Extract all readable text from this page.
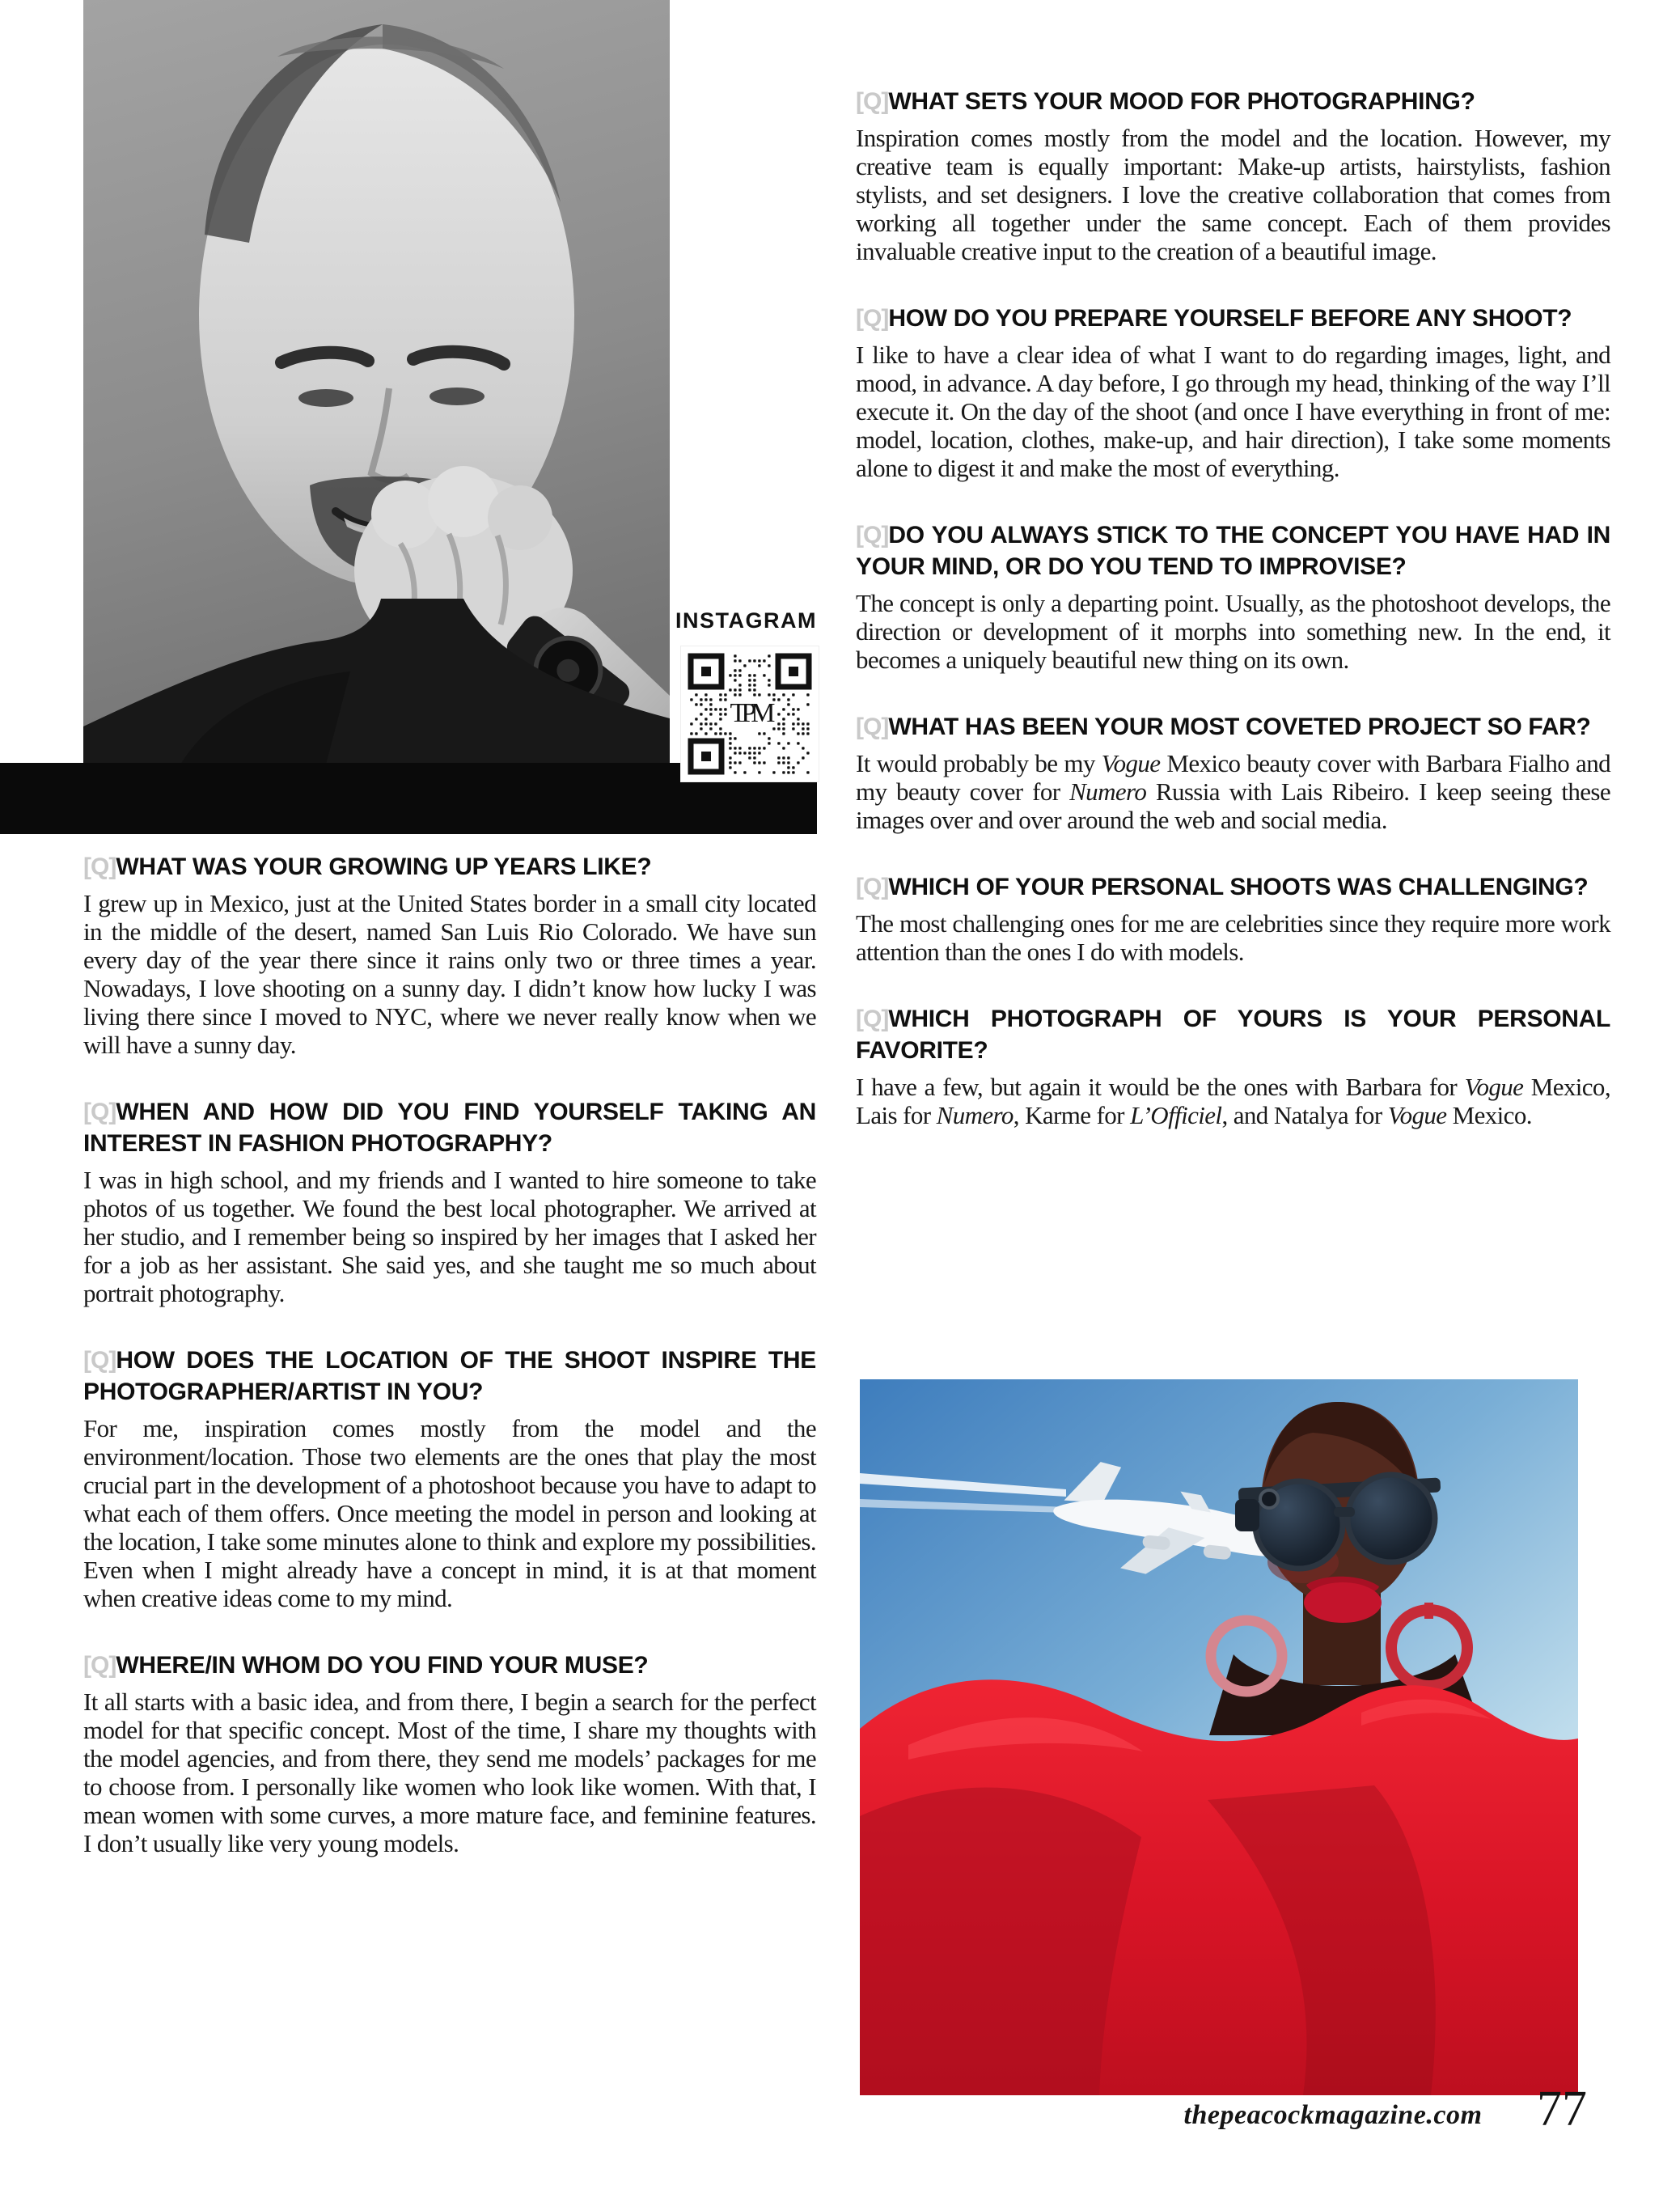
INSTAGRAM
TPM
[Q]WHAT WAS YOUR GROWING UP YEARS LIKE?

I grew up in Mexico, just at the United States border in a small city located in the middle of the desert, named San Luis Rio Colorado. We have sun every day of the year there since it rains only two or three times a year. Nowadays, I love shooting on a sunny day. I didn’t know how lucky I was living there since I moved to NYC, where we never really know when we will have a sunny day.

[Q]WHEN AND HOW DID YOU FIND YOURSELF TAKING AN INTEREST IN FASHION PHOTOGRAPHY?

I was in high school, and my friends and I wanted to hire someone to take photos of us together. We found the best local photographer. We arrived at her studio, and I remember being so inspired by her images that I asked her for a job as her assistant. She said yes, and she taught me so much about portrait photography.

[Q]HOW DOES THE LOCATION OF THE SHOOT INSPIRE THE PHOTOGRAPHER/ARTIST IN YOU?

For me, inspiration comes mostly from the model and the environment/location. Those two elements are the ones that play the most crucial part in the development of a photoshoot because you have to adapt to what each of them offers. Once meeting the model in person and looking at the location, I take some minutes alone to think and explore my possibilities. Even when I might already have a concept in mind, it is at that moment when creative ideas come to my mind.

[Q]WHERE/IN WHOM DO YOU FIND YOUR MUSE?

It all starts with a basic idea, and from there, I begin a search for the perfect model for that specific concept. Most of the time, I share my thoughts with the model agencies, and from there, they send me models’ packages for me to choose from. I personally like women who look like women. With that, I mean women with some curves, a more mature face, and feminine features. I don’t usually like very young models.

[Q]WHAT SETS YOUR MOOD FOR PHOTOGRAPHING?

Inspiration comes mostly from the model and the location. However, my creative team is equally important: Make-up artists, hairstylists, fashion stylists, and set designers. I love the creative collaboration that comes from working all together under the same concept. Each of them provides invaluable creative input to the creation of a beautiful image.

[Q]HOW DO YOU PREPARE YOURSELF BEFORE ANY SHOOT?

I like to have a clear idea of what I want to do regarding images, light, and mood, in advance. A day before, I go through my head, thinking of the way I’ll execute it. On the day of the shoot (and once I have everything in front of me: model, location, clothes, make-up, and hair direction), I take some moments alone to digest it and make the most of everything.

[Q]DO YOU ALWAYS STICK TO THE CONCEPT YOU HAVE HAD IN YOUR MIND, OR DO YOU TEND TO IMPROVISE?

The concept is only a departing point. Usually, as the photoshoot develops, the direction or development of it morphs into something new. In the end, it becomes a uniquely beautiful new thing on its own.

[Q]WHAT HAS BEEN YOUR MOST COVETED PROJECT SO FAR?

It would probably be my Vogue Mexico beauty cover with Barbara Fialho and my beauty cover for Numero Russia with Lais Ribeiro. I keep seeing these images over and over around the web and social media.

[Q]WHICH OF YOUR PERSONAL SHOOTS WAS CHALLENGING?

The most challenging ones for me are celebrities since they require more work attention than the ones I do with models.

[Q]WHICH PHOTOGRAPH OF YOURS IS YOUR PERSONAL FAVORITE?

I have a few, but again it would be the ones with Barbara for Vogue Mexico, Lais for Numero, Karme for L’Officiel, and Natalya for Vogue Mexico.

thepeacockmagazine.com 77
